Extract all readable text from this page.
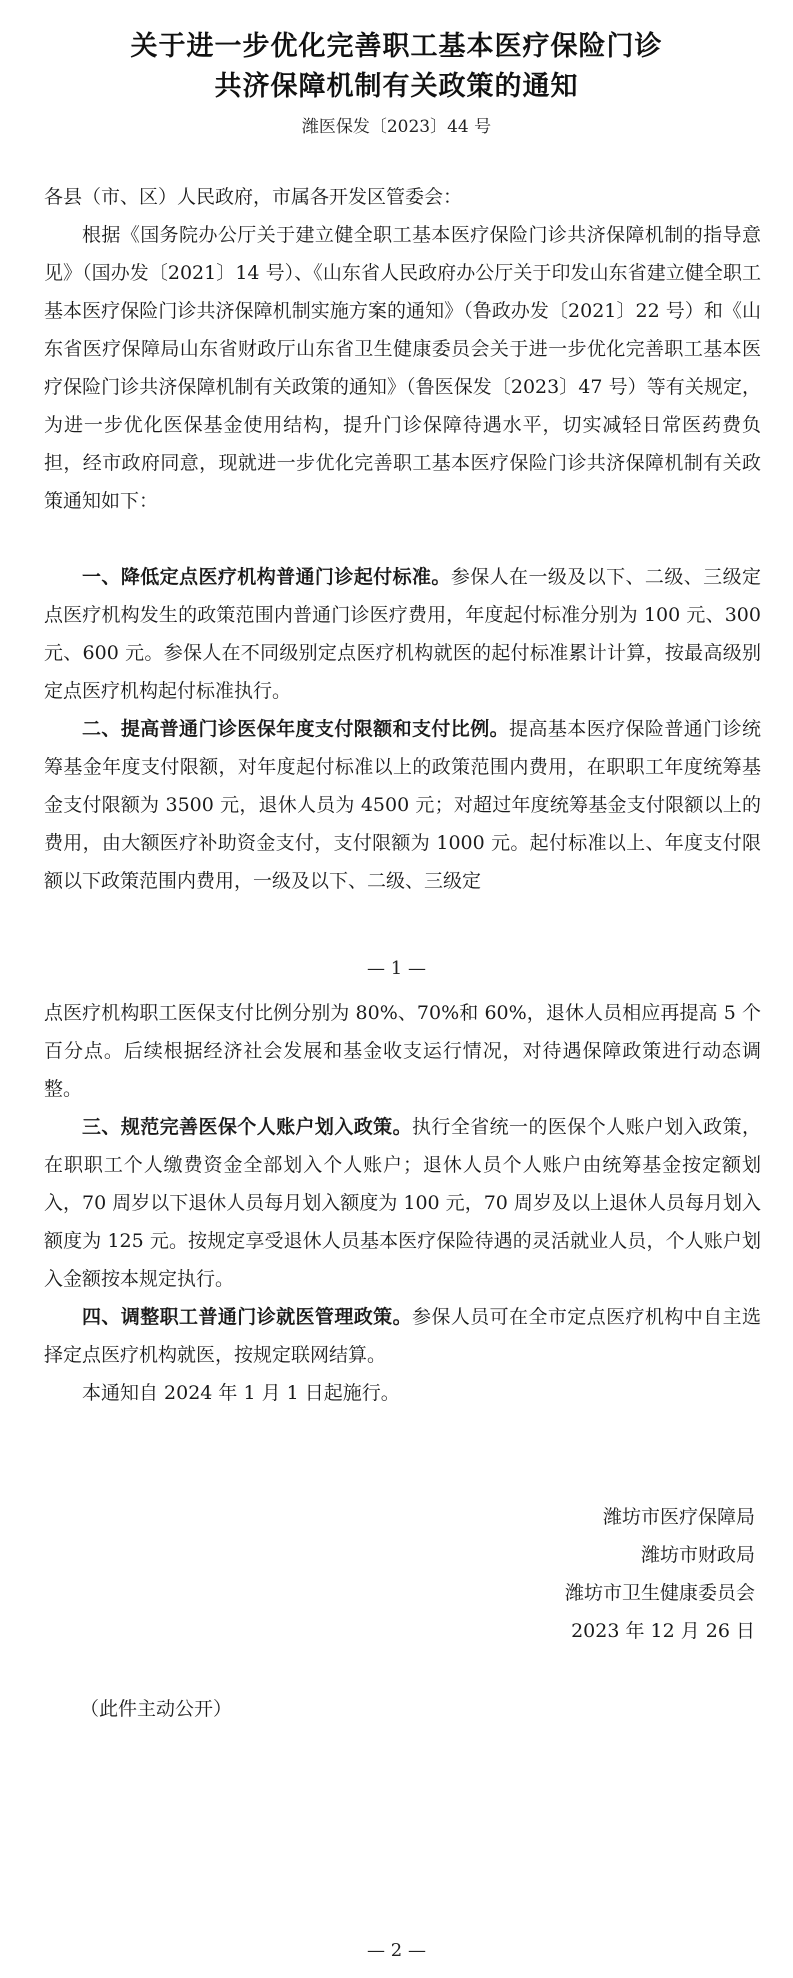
关于进一步优化完善职工基本医疗保险门诊
共济保障机制有关政策的通知
潍医保发〔2023〕44 号

各县（市、区）人民政府，市属各开发区管委会：

根据《国务院办公厅关于建立健全职工基本医疗保险门诊共济保障机制的指导意见》（国办发〔2021〕14 号）、《山东省人民政府办公厅关于印发山东省建立健全职工基本医疗保险门诊共济保障机制实施方案的通知》（鲁政办发〔2021〕22 号）和《山东省医疗保障局山东省财政厅山东省卫生健康委员会关于进一步优化完善职工基本医疗保险门诊共济保障机制有关政策的通知》（鲁医保发〔2023〕47 号）等有关规定，为进一步优化医保基金使用结构，提升门诊保障待遇水平，切实减轻日常医药费负担，经市政府同意，现就进一步优化完善职工基本医疗保险门诊共济保障机制有关政策通知如下：

一、降低定点医疗机构普通门诊起付标准。参保人在一级及以下、二级、三级定点医疗机构发生的政策范围内普通门诊医疗费用，年度起付标准分别为 100 元、300 元、600 元。参保人在不同级别定点医疗机构就医的起付标准累计计算，按最高级别定点医疗机构起付标准执行。

二、提高普通门诊医保年度支付限额和支付比例。提高基本医疗保险普通门诊统筹基金年度支付限额，对年度起付标准以上的政策范围内费用，在职职工年度统筹基金支付限额为 3500 元，退休人员为 4500 元；对超过年度统筹基金支付限额以上的费用，由大额医疗补助资金支付，支付限额为 1000 元。起付标准以上、年度支付限额以下政策范围内费用，一级及以下、二级、三级定

— 1 —

点医疗机构职工医保支付比例分别为 80%、70%和 60%，退休人员相应再提高 5 个百分点。后续根据经济社会发展和基金收支运行情况，对待遇保障政策进行动态调整。

三、规范完善医保个人账户划入政策。执行全省统一的医保个人账户划入政策，在职职工个人缴费资金全部划入个人账户；退休人员个人账户由统筹基金按定额划入，70 周岁以下退休人员每月划入额度为 100 元，70 周岁及以上退休人员每月划入额度为 125 元。按规定享受退休人员基本医疗保险待遇的灵活就业人员，个人账户划入金额按本规定执行。

四、调整职工普通门诊就医管理政策。参保人员可在全市定点医疗机构中自主选择定点医疗机构就医，按规定联网结算。

本通知自 2024 年 1 月 1 日起施行。

潍坊市医疗保障局
潍坊市财政局
潍坊市卫生健康委员会
2023 年 12 月 26 日
（此件主动公开）
— 2 —
